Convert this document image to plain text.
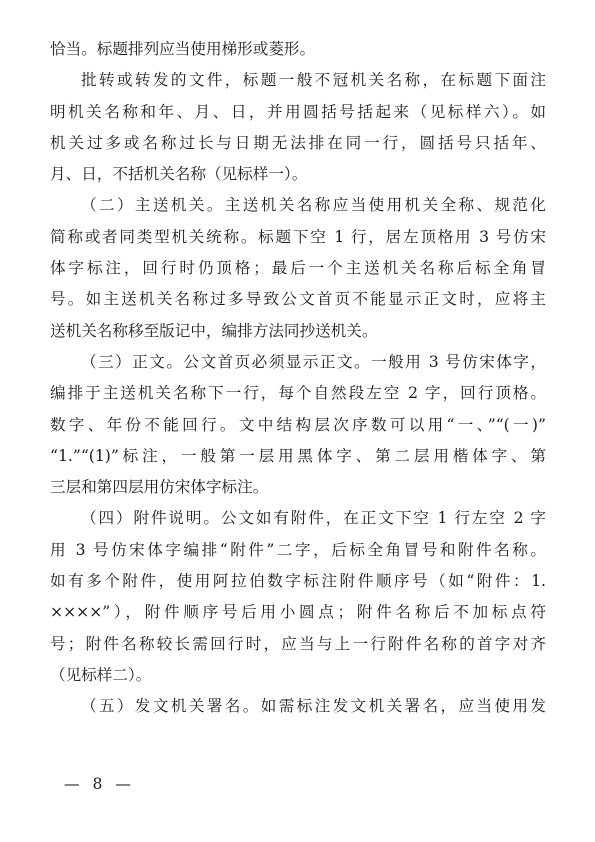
恰当。标题排列应当使用梯形或菱形。
批转或转发的文件，标题一般不冠机关名称，在标题下面注
明机关名称和年、月、日，并用圆括号括起来（见标样六）。如
机关过多或名称过长与日期无法排在同一行，圆括号只括年、
月、日，不括机关名称（见标样一）。
（二）主送机关。主送机关名称应当使用机关全称、规范化
简称或者同类型机关统称。标题下空 1 行，居左顶格用 3 号仿宋
体字标注，回行时仍顶格；最后一个主送机关名称后标全角冒
号。如主送机关名称过多导致公文首页不能显示正文时，应将主
送机关名称移至版记中，编排方法同抄送机关。
（三）正文。公文首页必须显示正文。一般用 3 号仿宋体字，
编排于主送机关名称下一行，每个自然段左空 2 字，回行顶格。
数字、年份不能回行。文中结构层次序数可以用“一、”“(一)”
“1.”“(1)”标注，一般第一层用黑体字、第二层用楷体字、第
三层和第四层用仿宋体字标注。
（四）附件说明。公文如有附件，在正文下空 1 行左空 2 字
用 3 号仿宋体字编排“附件”二字，后标全角冒号和附件名称。
如有多个附件，使用阿拉伯数字标注附件顺序号（如“附件：1.
××××”），附件顺序号后用小圆点；附件名称后不加标点符
号；附件名称较长需回行时，应当与上一行附件名称的首字对齐
（见标样二）。
（五）发文机关署名。如需标注发文机关署名，应当使用发
— 8 —
